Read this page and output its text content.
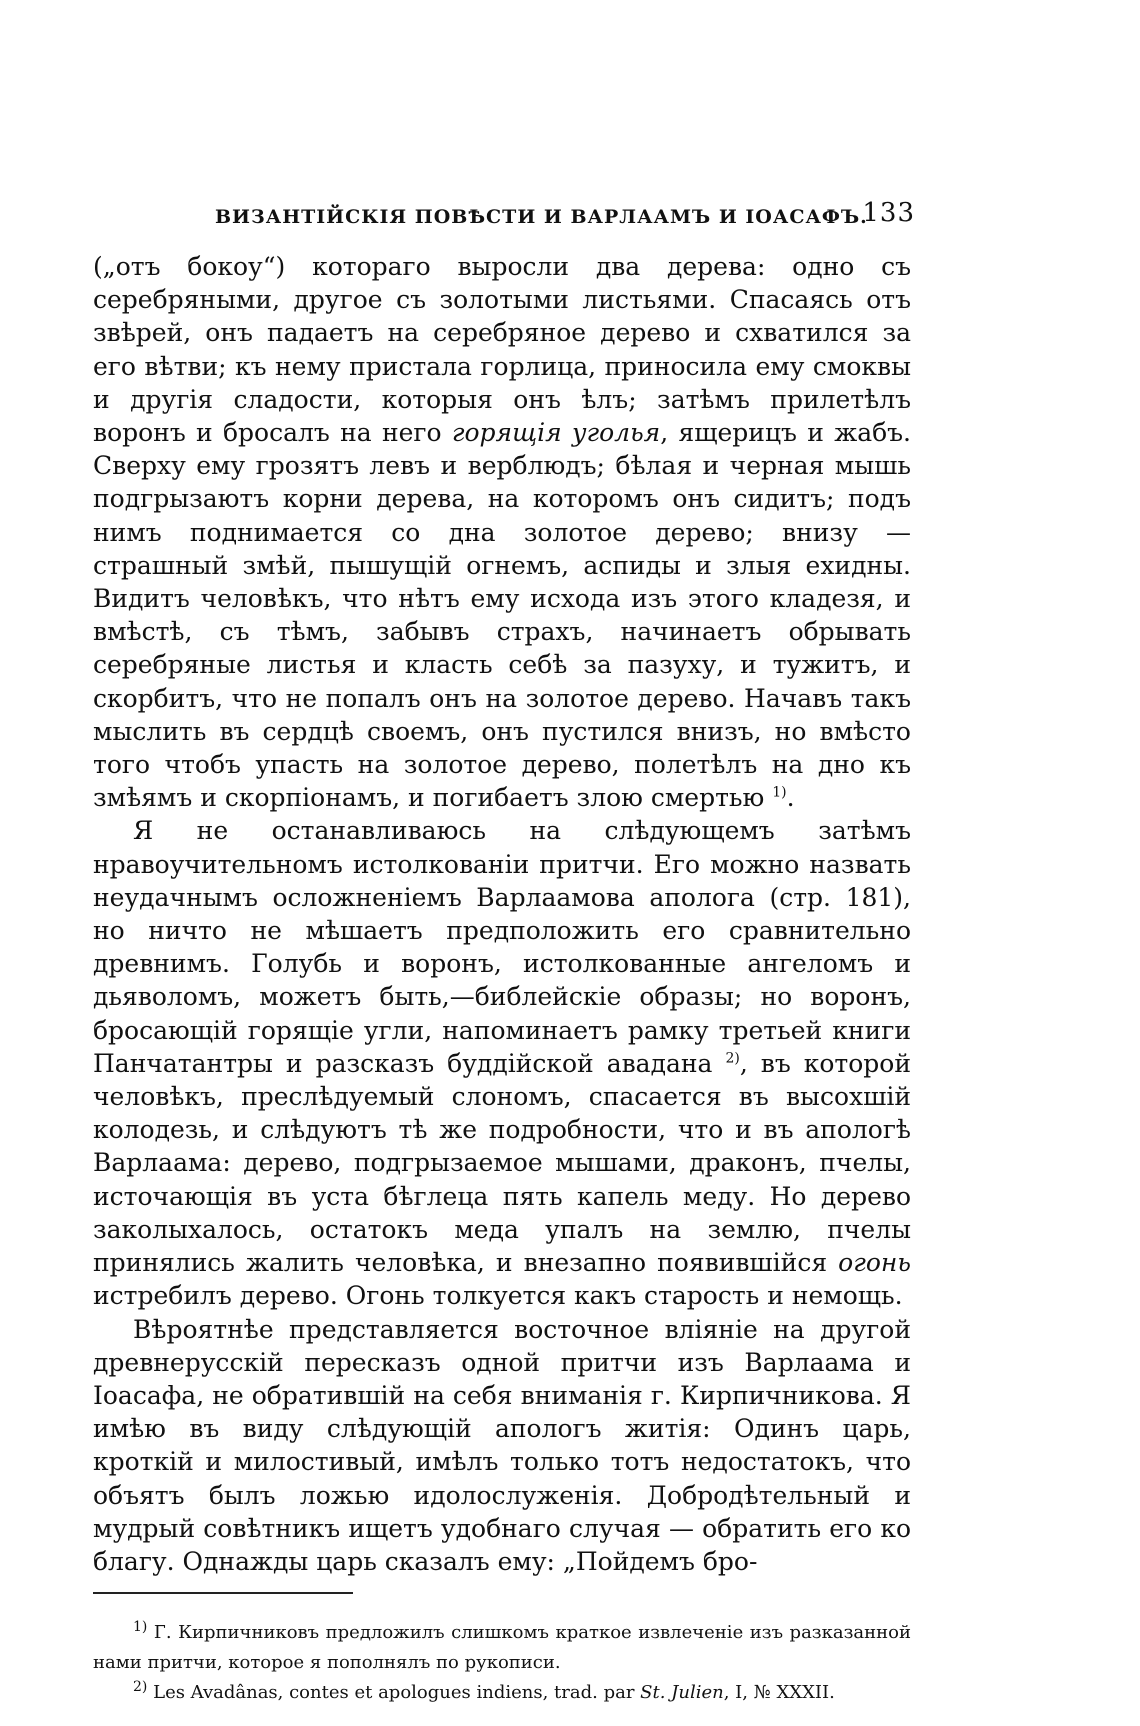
ВИЗАНТІЙСКІЯ ПОВѢСТИ И ВАРЛААМЪ И ІОАСАФЪ.
133

(„отъ бокоу“) котораго выросли два дерева: одно съ серебряными, другое съ золотыми листьями. Спасаясь отъ звѣрей, онъ падаетъ на серебряное дерево и схватился за его вѣтви; къ нему пристала горлица, приносила ему смоквы и другія сладости, которыя онъ ѣлъ; затѣмъ прилетѣлъ воронъ и бросалъ на него горящія уголья, ящерицъ и жабъ. Сверху ему грозятъ левъ и верблюдъ; бѣлая и черная мышь подгрызаютъ корни дерева, на которомъ онъ сидитъ; подъ нимъ поднимается со дна золотое дерево; внизу — страшный змѣй, пышущій огнемъ, аспиды и злыя ехидны. Видитъ человѣкъ, что нѣтъ ему исхода изъ этого кладезя, и вмѣстѣ, съ тѣмъ, забывъ страхъ, начинаетъ обрывать серебряные листья и класть себѣ за пазуху, и тужитъ, и скорбитъ, что не попалъ онъ на золотое дерево. Начавъ такъ мыслить въ сердцѣ своемъ, онъ пустился внизъ, но вмѣсто того чтобъ упасть на золотое дерево, полетѣлъ на дно къ змѣямъ и скорпіонамъ, и погибаетъ злою смертью $^{1)}$.

Я не останавливаюсь на слѣдующемъ затѣмъ нравоучительномъ истолкованіи притчи. Его можно назвать неудачнымъ осложненіемъ Варлаамова аполога (стр. 181), но ничто не мѣшаетъ предположить его сравнительно древнимъ. Голубь и воронъ, истолкованные ангеломъ и дьяволомъ, можетъ быть,—библейскіе образы; но воронъ, бросающій горящіе угли, напоминаетъ рамку третьей книги Панчатантры и разсказъ буддійской авадана $^{2)}$, въ которой человѣкъ, преслѣдуемый слономъ, спасается въ высохшій колодезь, и слѣдуютъ тѣ же подробности, что и въ апологѣ Варлаама: дерево, подгрызаемое мышами, драконъ, пчелы, источающія въ уста бѣглеца пять капель меду. Но дерево заколыхалось, остатокъ меда упалъ на землю, пчелы принялись жалить человѣка, и внезапно появившійся огонь истребилъ дерево. Огонь толкуется какъ старость и немощь.

Вѣроятнѣе представляется восточное вліяніе на другой древнерусскій пересказъ одной притчи изъ Варлаама и Іоасафа, не обратившій на себя вниманія г. Кирпичникова. Я имѣю въ виду слѣдующій апологъ житія: Одинъ царь, кроткій и милостивый, имѣлъ только тотъ недостатокъ, что объятъ былъ ложью идолослуженія. Добродѣтельный и мудрый совѣтникъ ищетъ удобнаго случая — обратить его ко благу. Однажды царь сказалъ ему: „Пойдемъ бро-

$^{1)}$ Г. Кирпичниковъ предложилъ слишкомъ краткое извлеченіе изъ разказанной нами притчи, которое я пополнялъ по рукописи.

$^{2)}$ Les Avadânas, contes et apologues indiens, trad. par St. Julien, I, № XXXII.
